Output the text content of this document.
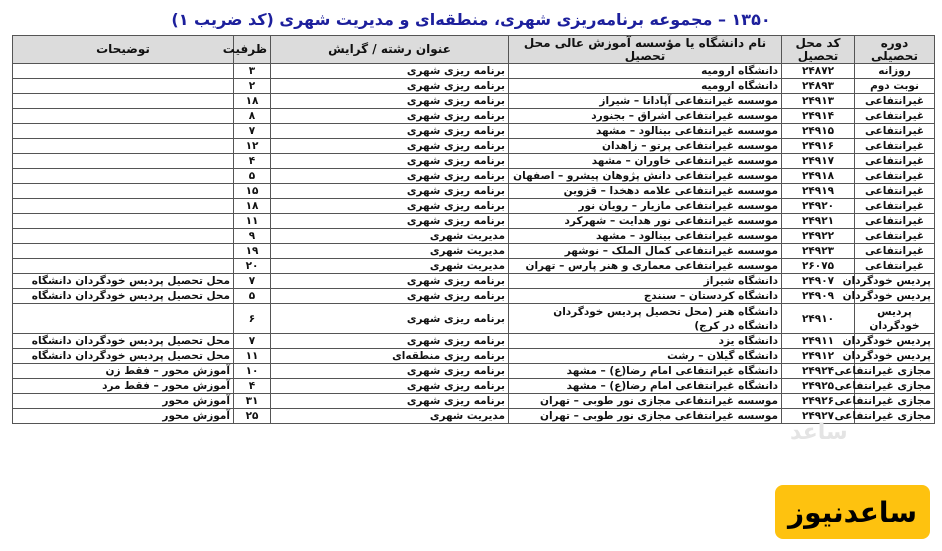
۱۳۵۰ – مجموعه برنامه‌ریزی شهری، منطقه‌ای و مدیریت شهری (کد ضریب ۱)
دوره تحصیلی	کد محل تحصیل	نام دانشگاه یا مؤسسه آموزش عالی محل تحصیل	عنوان رشته / گرایش	ظرفیت	توضیحات
روزانه	۲۴۸۷۲	دانشگاه ارومیه	برنامه ریزی شهری	۳	
نوبت دوم	۲۴۸۹۳	دانشگاه ارومیه	برنامه ریزی شهری	۲	
غیرانتفاعی	۲۴۹۱۳	موسسه غیرانتفاعی آپادانا – شیراز	برنامه ریزی شهری	۱۸	
غیرانتفاعی	۲۴۹۱۴	موسسه غیرانتفاعی اشراق – بجنورد	برنامه ریزی شهری	۸	
غیرانتفاعی	۲۴۹۱۵	موسسه غیرانتفاعی بینالود – مشهد	برنامه ریزی شهری	۷	
غیرانتفاعی	۲۴۹۱۶	موسسه غیرانتفاعی پرتو – زاهدان	برنامه ریزی شهری	۱۲	
غیرانتفاعی	۲۴۹۱۷	موسسه غیرانتفاعی خاوران – مشهد	برنامه ریزی شهری	۴	
غیرانتفاعی	۲۴۹۱۸	موسسه غیرانتفاعی دانش پژوهان پیشرو – اصفهان	برنامه ریزی شهری	۵	
غیرانتفاعی	۲۴۹۱۹	موسسه غیرانتفاعی علامه دهخدا – قزوین	برنامه ریزی شهری	۱۵	
غیرانتفاعی	۲۴۹۲۰	موسسه غیرانتفاعی مازیار – رویان نور	برنامه ریزی شهری	۱۸	
غیرانتفاعی	۲۴۹۲۱	موسسه غیرانتفاعی نور هدایت – شهرکرد	برنامه ریزی شهری	۱۱	
غیرانتفاعی	۲۴۹۲۲	موسسه غیرانتفاعی بینالود – مشهد	مدیریت شهری	۹	
غیرانتفاعی	۲۴۹۲۳	موسسه غیرانتفاعی کمال الملک – نوشهر	مدیریت شهری	۱۹	
غیرانتفاعی	۲۶۰۷۵	موسسه غیرانتفاعی معماری و هنر پارس – تهران	مدیریت شهری	۲۰	
پردیس خودگردان	۲۴۹۰۷	دانشگاه شیراز	برنامه ریزی شهری	۷	محل تحصیل پردیس خودگردان دانشگاه
پردیس خودگردان	۲۴۹۰۹	دانشگاه کردستان – سنندج	برنامه ریزی شهری	۵	محل تحصیل پردیس خودگردان دانشگاه
پردیس خودگردان	۲۴۹۱۰	دانشگاه هنر (محل تحصیل پردیس خودگردان دانشگاه در کرج)	برنامه ریزی شهری	۶	
پردیس خودگردان	۲۴۹۱۱	دانشگاه یزد	برنامه ریزی شهری	۷	محل تحصیل پردیس خودگردان دانشگاه
پردیس خودگردان	۲۴۹۱۲	دانشگاه گیلان – رشت	برنامه ریزی منطقه‌ای	۱۱	محل تحصیل پردیس خودگردان دانشگاه
مجازی غیرانتفاعی	۲۴۹۲۴	دانشگاه غیرانتفاعی امام رضا(ع) – مشهد	برنامه ریزی شهری	۱۰	آموزش محور – فقط زن
مجازی غیرانتفاعی	۲۴۹۲۵	دانشگاه غیرانتفاعی امام رضا(ع) – مشهد	برنامه ریزی شهری	۴	آموزش محور – فقط مرد
مجازی غیرانتفاعی	۲۴۹۲۶	موسسه غیرانتفاعی مجازی نور طوبی – تهران	برنامه ریزی شهری	۳۱	آموزش محور
مجازی غیرانتفاعی	۲۴۹۲۷	موسسه غیرانتفاعی مجازی نور طوبی – تهران	مدیریت شهری	۲۵	آموزش محور
ساعد
ساعدنیوز
